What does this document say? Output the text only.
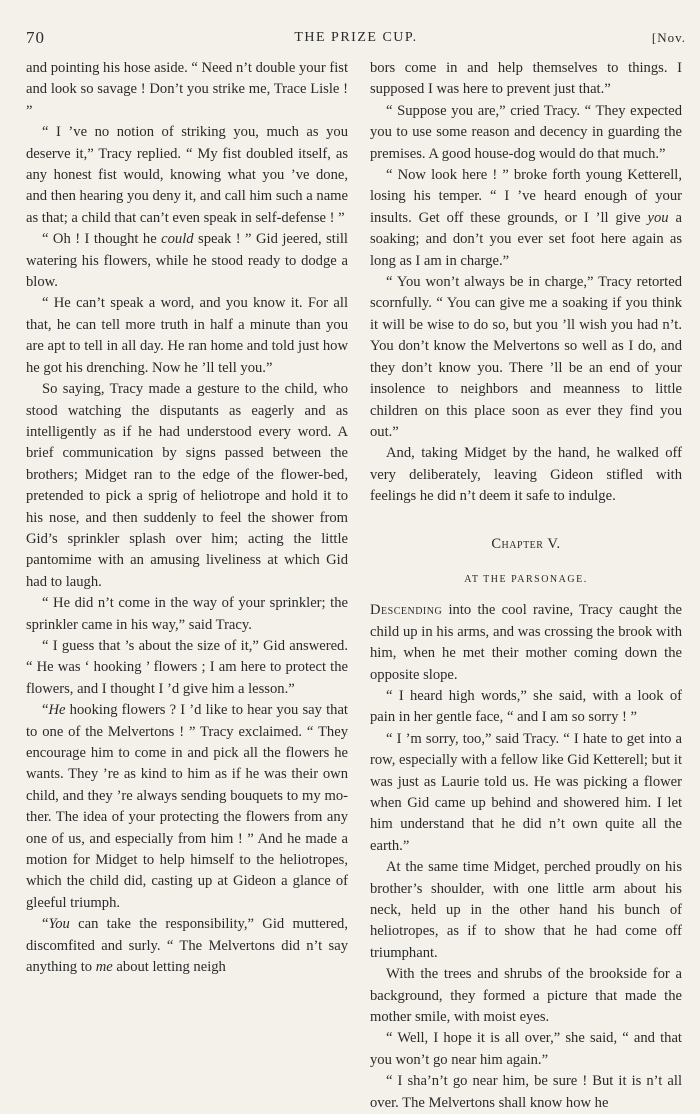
70	THE PRIZE CUP.	[Nov.

and pointing his hose aside. “ Need n’t double your fist and look so savage ! Don’t you strike me, Trace Lisle ! ”

“ I ’ve no notion of striking you, much as you deserve it,” Tracy replied. “ My fist doubled itself, as any honest fist would, knowing what you ’ve done, and then hearing you deny it, and call him such a name as that; a child that can’t even speak in self-defense ! ”

“ Oh ! I thought he could speak ! ” Gid jeered, still watering his flowers, while he stood ready to dodge a blow.

“ He can’t speak a word, and you know it. For all that, he can tell more truth in half a minute than you are apt to tell in all day. He ran home and told just how he got his drenching. Now he ’ll tell you.”

So saying, Tracy made a gesture to the child, who stood watching the disputants as eagerly and as intelligently as if he had understood every word. A brief communication by signs passed between the brothers; Midget ran to the edge of the flower-bed, pretended to pick a sprig of heliotrope and hold it to his nose, and then suddenly to feel the shower from Gid’s sprinkler splash over him; acting the little pantomime with an amusing liveliness at which Gid had to laugh.

“ He did n’t come in the way of your sprinkler; the sprinkler came in his way,” said Tracy.

“ I guess that ’s about the size of it,” Gid answered. “ He was ‘ hooking ’ flowers ; I am here to protect the flowers, and I thought I ’d give him a lesson.”

“He hooking flowers ? I ’d like to hear you say that to one of the Melvertons ! ” Tracy exclaimed. “ They encourage him to come in and pick all the flowers he wants. They ’re as kind to him as if he was their own child, and they ’re always sending bouquets to my mother. The idea of your protecting the flowers from any one of us, and especially from him ! ” And he made a motion for Midget to help himself to the heliotropes, which the child did, casting up at Gideon a glance of gleeful triumph.

“You can take the responsibility,” Gid muttered, discomfited and surly. “ The Melvertons did n’t say anything to me about letting neigh

bors come in and help themselves to things. I supposed I was here to prevent just that.”

“ Suppose you are,” cried Tracy. “ They expected you to use some reason and decency in guarding the premises. A good house-dog would do that much.”

“ Now look here ! ” broke forth young Ketterell, losing his temper. “ I ’ve heard enough of your insults. Get off these grounds, or I ’ll give you a soaking; and don’t you ever set foot here again as long as I am in charge.”

“ You won’t always be in charge,” Tracy retorted scornfully. “ You can give me a soaking if you think it will be wise to do so, but you ’ll wish you had n’t. You don’t know the Melvertons so well as I do, and they don’t know you. There ’ll be an end of your insolence to neighbors and meanness to little children on this place soon as ever they find you out.”

And, taking Midget by the hand, he walked off very deliberately, leaving Gideon stifled with feelings he did n’t deem it safe to indulge.

Chapter V.

AT THE PARSONAGE.

Descending into the cool ravine, Tracy caught the child up in his arms, and was crossing the brook with him, when he met their mother coming down the opposite slope.

“ I heard high words,” she said, with a look of pain in her gentle face, “ and I am so sorry ! ”

“ I ’m sorry, too,” said Tracy. “ I hate to get into a row, especially with a fellow like Gid Ketterell; but it was just as Laurie told us. He was picking a flower when Gid came up behind and showered him. I let him understand that he did n’t own quite all the earth.”

At the same time Midget, perched proudly on his brother’s shoulder, with one little arm about his neck, held up in the other hand his bunch of heliotropes, as if to show that he had come off triumphant.

With the trees and shrubs of the brookside for a background, they formed a picture that made the mother smile, with moist eyes.

“ Well, I hope it is all over,” she said, “ and that you won’t go near him again.”

“ I sha’n’t go near him, be sure ! But it is n’t all over. The Melvertons shall know how he
